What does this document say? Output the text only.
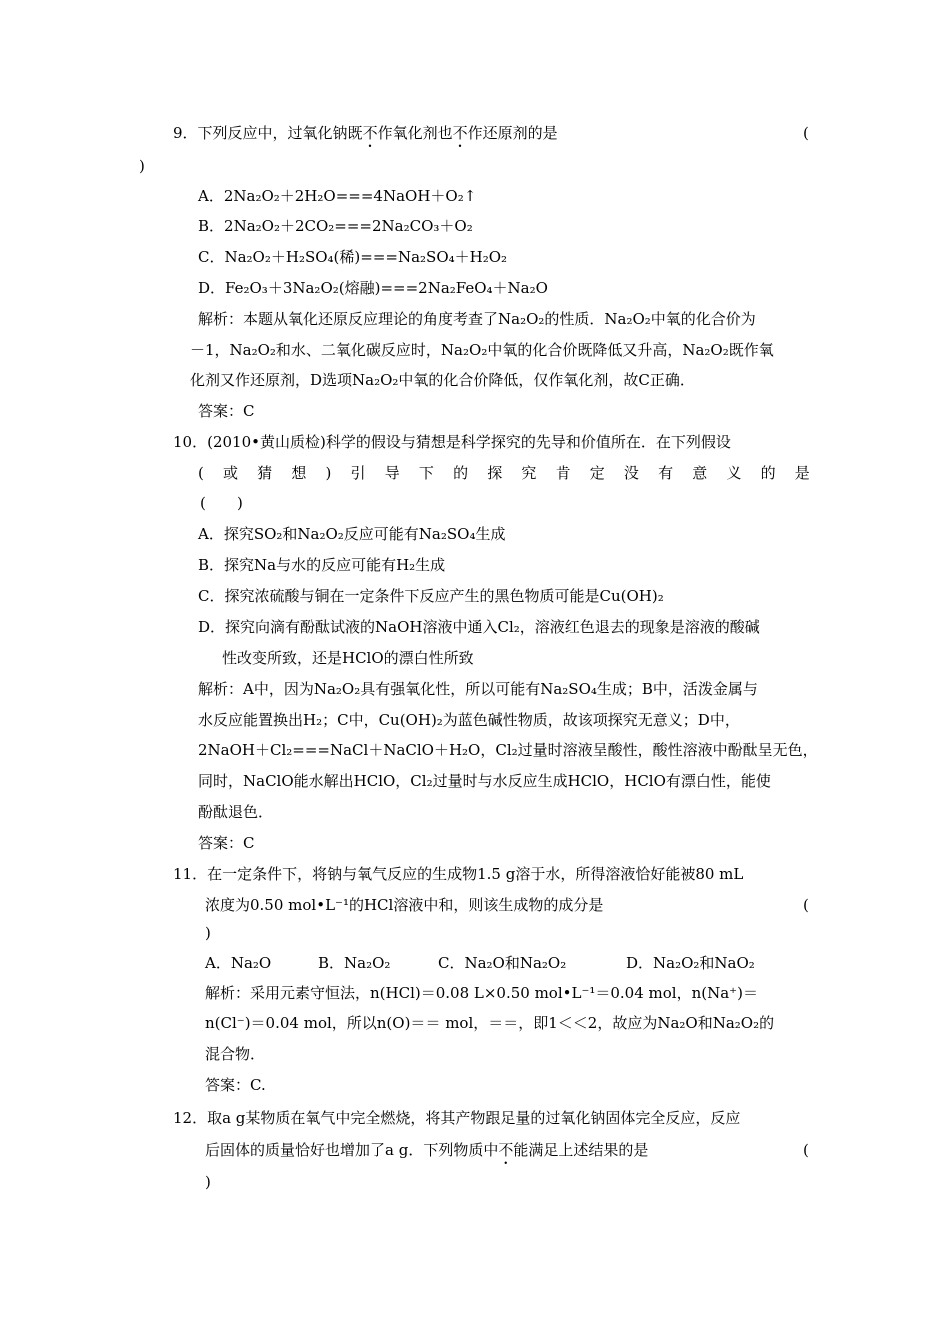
9．下列反应中，过氧化钠既不作氧化剂也不作还原剂的是	(
)
A．2Na₂O₂＋2H₂O===4NaOH＋O₂↑
B．2Na₂O₂＋2CO₂===2Na₂CO₃＋O₂
C．Na₂O₂＋H₂SO₄(稀)===Na₂SO₄＋H₂O₂
D．Fe₂O₃＋3Na₂O₂(熔融)===2Na₂FeO₄＋Na₂O
解析：本题从氧化还原反应理论的角度考查了Na₂O₂的性质．Na₂O₂中氧的化合价为
－1，Na₂O₂和水、二氧化碳反应时，Na₂O₂中氧的化合价既降低又升高，Na₂O₂既作氧
化剂又作还原剂，D选项Na₂O₂中氧的化合价降低，仅作氧化剂，故C正确．
答案：C
10．(2010•黄山质检)科学的假设与猜想是科学探究的先导和价值所在．在下列假设
( 或 猜 想 ) 引 导 下 的 探 究 肯 定 没 有 意 义 的 是
( )
A．探究SO₂和Na₂O₂反应可能有Na₂SO₄生成
B．探究Na与水的反应可能有H₂生成
C．探究浓硫酸与铜在一定条件下反应产生的黑色物质可能是Cu(OH)₂
D．探究向滴有酚酞试液的NaOH溶液中通入Cl₂，溶液红色退去的现象是溶液的酸碱
性改变所致，还是HClO的漂白性所致
解析：A中，因为Na₂O₂具有强氧化性，所以可能有Na₂SO₄生成；B中，活泼金属与
水反应能置换出H₂；C中，Cu(OH)₂为蓝色碱性物质，故该项探究无意义；D中，
2NaOH＋Cl₂===NaCl＋NaClO＋H₂O，Cl₂过量时溶液呈酸性，酸性溶液中酚酞呈无色，
同时，NaClO能水解出HClO，Cl₂过量时与水反应生成HClO，HClO有漂白性，能使
酚酞退色．
答案：C
11．在一定条件下，将钠与氧气反应的生成物1.5 g溶于水，所得溶液恰好能被80 mL
浓度为0.50 mol•L⁻¹的HCl溶液中和，则该生成物的成分是	(
)
A．Na₂O	B．Na₂O₂	C．Na₂O和Na₂O₂	D．Na₂O₂和NaO₂
解析：采用元素守恒法，n(HCl)＝0.08 L×0.50 mol•L⁻¹＝0.04 mol，n(Na⁺)＝
n(Cl⁻)＝0.04 mol，所以n(O)＝＝ mol，＝＝，即1＜＜2，故应为Na₂O和Na₂O₂的
混合物．
答案：C.
12．取a g某物质在氧气中完全燃烧，将其产物跟足量的过氧化钠固体完全反应，反应
后固体的质量恰好也增加了a g．下列物质中不能满足上述结果的是	(
)
